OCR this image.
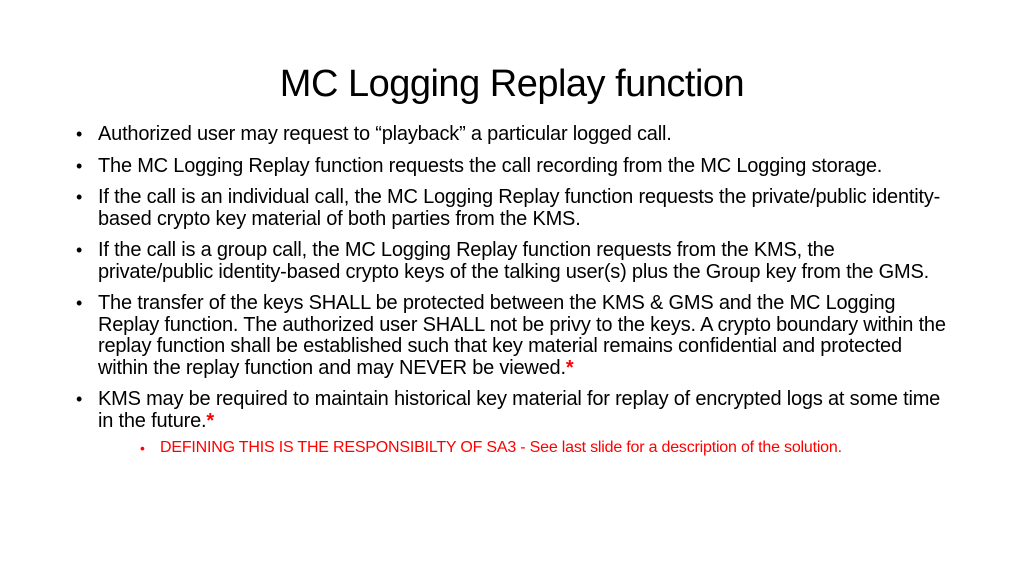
MC Logging Replay function
• Authorized user may request to “playback” a particular logged call.
• The MC Logging Replay function requests the call recording from the MC Logging storage.
• If the call is an individual call, the MC Logging Replay function requests the private/public identity-based crypto key material of both parties from the KMS.
• If the call is a group call, the MC Logging Replay function requests from the KMS, the private/public identity-based crypto keys of the talking user(s) plus the Group key from the GMS.
• The transfer of the keys SHALL be protected between the KMS & GMS and the MC Logging Replay function. The authorized user SHALL not be privy to the keys. A crypto boundary within the replay function shall be established such that key material remains confidential and protected within the replay function and may NEVER be viewed.*
• KMS may be required to maintain historical key material for replay of encrypted logs at some time in the future.*
• DEFINING THIS IS THE RESPONSIBILTY OF SA3 - See last slide for a description of the solution.
